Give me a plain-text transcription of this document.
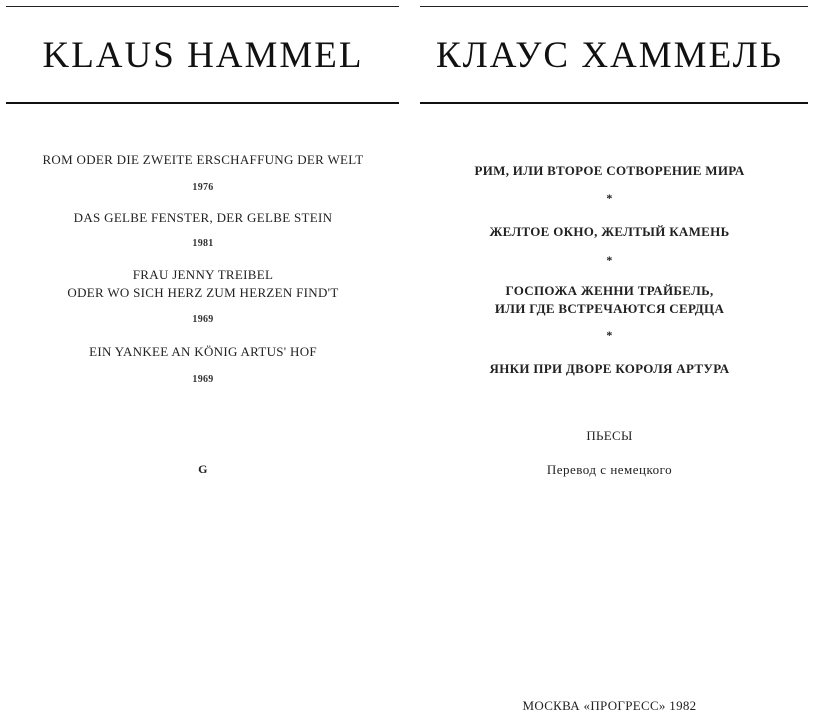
KLAUS HAMMEL
ROM ODER DIE ZWEITE ERSCHAFFUNG DER WELT
1976
DAS GELBE FENSTER, DER GELBE STEIN
1981
FRAU JENNY TREIBEL
ODER WO SICH HERZ ZUM HERZEN FIND'T
1969
EIN YANKEE AN KÖNIG ARTUS' HOF
1969
G
КЛАУС ХАММЕЛЬ
РИМ, ИЛИ ВТОРОЕ СОТВОРЕНИЕ МИРА
*
ЖЕЛТОЕ ОКНО, ЖЕЛТЫЙ КАМЕНЬ
*
ГОСПОЖА ЖЕННИ ТРАЙБЕЛЬ,
ИЛИ ГДЕ ВСТРЕЧАЮТСЯ СЕРДЦА
*
ЯНКИ ПРИ ДВОРЕ КОРОЛЯ АРТУРА
ПЬЕСЫ
Перевод с немецкого
МОСКВА «ПРОГРЕСС» 1982
